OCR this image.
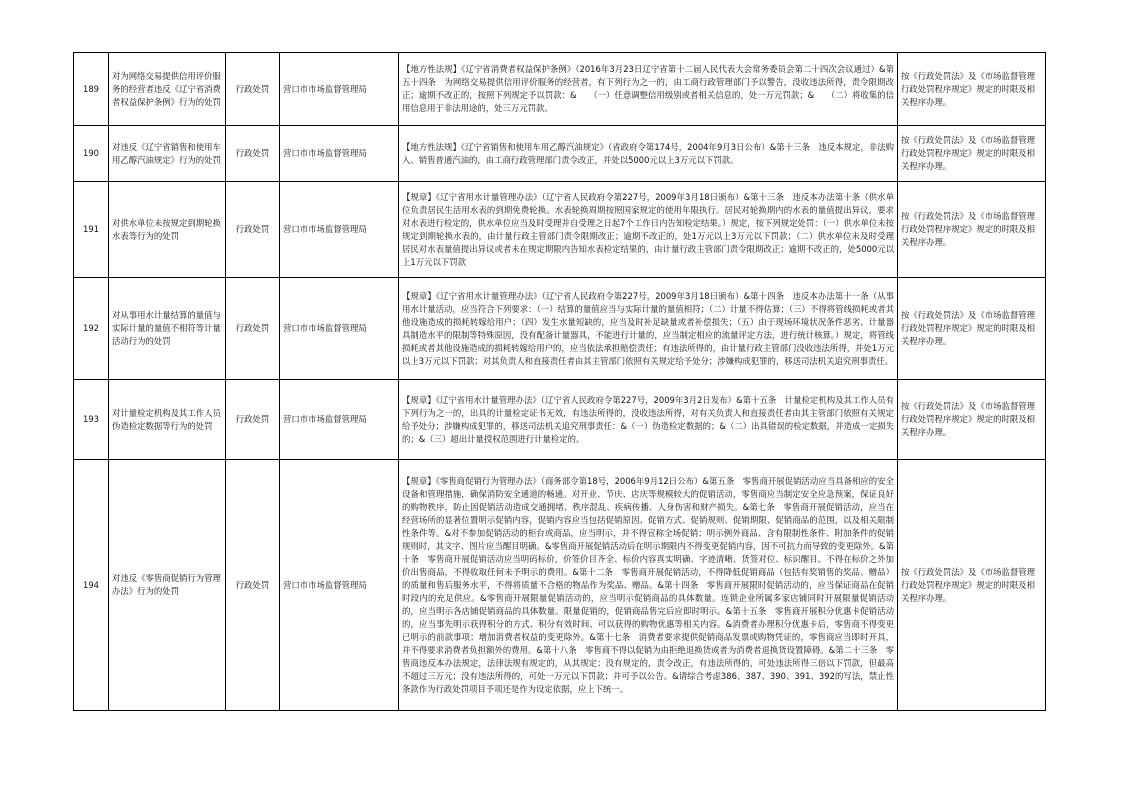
189	对为网络交易提供信用评价服务的经营者违反《辽宁省消费者权益保护条例》行为的处罚	行政处罚	营口市市场监督管理局	【地方性法规】《辽宁省消费者权益保护条例》（2016年3月23日辽宁省第十二届人民代表大会常务委员会第二十四次会议通过）&第五十四条　为网络交易提供信用评价服务的经营者，有下列行为之一的，由工商行政管理部门予以警告，没收违法所得，责令限期改正；逾期不改正的，按照下列规定予以罚款：&　　（一）任意调整信用级别或者相关信息的，处一万元罚款；&　　（二）将收集的信用信息用于非法用途的，处三万元罚款。	按《行政处罚法》及《市场监督管理行政处罚程序规定》规定的时限及相关程序办理。
190	对违反《辽宁省销售和使用车用乙醇汽油规定》行为的处罚	行政处罚	营口市市场监督管理局	【地方性法规】《辽宁省销售和使用车用乙醇汽油规定》（省政府令第174号，2004年9月3日公布）&第十三条　违反本规定，非法购入、销售普通汽油的，由工商行政管理部门责令改正，并处以5000元以上3万元以下罚款。	按《行政处罚法》及《市场监督管理行政处罚程序规定》规定的时限及相关程序办理。
191	对供水单位未按规定到期轮换水表等行为的处罚	行政处罚	营口市市场监督管理局	【规章】《辽宁省用水计量管理办法》（辽宁省人民政府令第227号，2009年3月18日颁布）&第十三条　违反本办法第十条（供水单位负责居民生活用水表的到期免费轮换。水表轮换周期按照国家规定的使用年限执行。居民对轮换期内的水表的量值提出异议，要求对水表进行检定的，供水单位应当及时受理并自受理之日起7个工作日内告知检定结果。）规定，按下列规定处罚：（一）供水单位未按规定到期轮换水表的，由计量行政主管部门责令限期改正；逾期不改正的，处1万元以上3万元以下罚款；（二）供水单位未及时受理居民对水表量值提出异议或者未在规定期限内告知水表检定结果的，由计量行政主管部门责令限期改正；逾期不改正的，处5000元以上1万元以下罚款	按《行政处罚法》及《市场监督管理行政处罚程序规定》规定的时限及相关程序办理。
192	对从事用水计量结算的量值与实际计量的量值不相符等计量活动行为的处罚	行政处罚	营口市市场监督管理局	【规章】《辽宁省用水计量管理办法》（辽宁省人民政府令第227号，2009年3月18日颁布）&第十四条　违反本办法第十一条（从事用水计量活动，应当符合下列要求：（一）结算的量值应当与实际计量的量值相符；（二）计量不得估算；（三）不得将管线损耗或者其他设施造成的损耗转嫁给用户；（四）发生水量短缺的，应当及时补足缺量或者补偿损失；（五）由于现场环境状况条件恶劣、计量器具制造水平的限制等特殊原因，没有配备计量器具，不能进行计量的，应当制定相应的流量评定方法，进行统计核算。）规定，将管线损耗或者其他设施造成的损耗转嫁给用户的，应当依法承担赔偿责任；有违法所得的，由计量行政主管部门没收违法所得，并处1万元以上3万元以下罚款；对其负责人和直接责任者由其主管部门依照有关规定给予处分；涉嫌构成犯罪的，移送司法机关追究刑事责任。	按《行政处罚法》及《市场监督管理行政处罚程序规定》规定的时限及相关程序办理。
193	对计量检定机构及其工作人员伪造检定数据等行为的处罚	行政处罚	营口市市场监督管理局	【规章】《辽宁省用水计量管理办法》（辽宁省人民政府令第227号，2009年3月2日发布）&第十五条　计量检定机构及其工作人员有下列行为之一的，出具的计量检定证书无效，有违法所得的，没收违法所得，对有关负责人和直接责任者由其主管部门依照有关规定给予处分；涉嫌构成犯罪的，移送司法机关追究刑事责任：&（一）伪造检定数据的；&（二）出具错误的检定数据，并造成一定损失的；&（三）超出计量授权范围进行计量检定的。	按《行政处罚法》及《市场监督管理行政处罚程序规定》规定的时限及相关程序办理。
194	对违反《零售商促销行为管理办法》行为的处罚	行政处罚	营口市市场监督管理局	【规章】《零售商促销行为管理办法》（商务部令第18号，2006年9月12日公布）&第五条　零售商开展促销活动应当具备相应的安全设备和管理措施，确保消防安全通道的畅通。对开业、节庆、店庆等规模较大的促销活动，零售商应当制定安全应急预案，保证良好的购物秩序，防止因促销活动造成交通拥堵、秩序混乱、疾病传播、人身伤害和财产损失。&第七条　零售商开展促销活动，应当在经营场所的显著位置明示促销内容，促销内容应当包括促销原因、促销方式、促销规则、促销期限、促销商品的范围，以及相关限制性条件等。&对不参加促销活动的柜台或商品，应当明示，并不得宣称全场促销；明示例外商品、含有限制性条件、附加条件的促销规则时，其文字、图片应当醒目明确。&零售商开展促销活动后在明示期限内不得变更促销内容，因不可抗力而导致的变更除外。&第十条　零售商开展促销活动应当明码标价，价签价目齐全、标价内容真实明确、字迹清晰、货签对位、标识醒目。不得在标价之外加价出售商品，不得收取任何未予明示的费用。&第十二条　零售商开展促销活动，不得降低促销商品（包括有奖销售的奖品、赠品）的质量和售后服务水平，不得将质量不合格的物品作为奖品、赠品。&第十四条　零售商开展限时促销活动的，应当保证商品在促销时段内的充足供应。&零售商开展限量促销活动的，应当明示促销商品的具体数量。连锁企业所属多家店铺同时开展限量促销活动的，应当明示各店铺促销商品的具体数量。限量促销的，促销商品售完后应即时明示。&第十五条　零售商开展积分优惠卡促销活动的，应当事先明示获得积分的方式、积分有效时间、可以获得的购物优惠等相关内容。&消费者办理积分优惠卡后，零售商不得变更已明示的前款事项；增加消费者权益的变更除外。&第十七条　消费者要求提供促销商品发票或购物凭证的，零售商应当即时开具，并不得要求消费者负担额外的费用。&第十八条　零售商不得以促销为由拒绝退换货或者为消费者退换货设置障碍。&第二十三条　零售商违反本办法规定，法律法规有规定的，从其规定；没有规定的，责令改正，有违法所得的，可处违法所得三倍以下罚款，但最高不超过三万元；没有违法所得的，可处一万元以下罚款；并可予以公告。&请综合考虑386、387、390、391、392的写法，禁止性条款作为行政处罚项目予项还是作为设定依据，应上下统一。	按《行政处罚法》及《市场监督管理行政处罚程序规定》规定的时限及相关程序办理。
